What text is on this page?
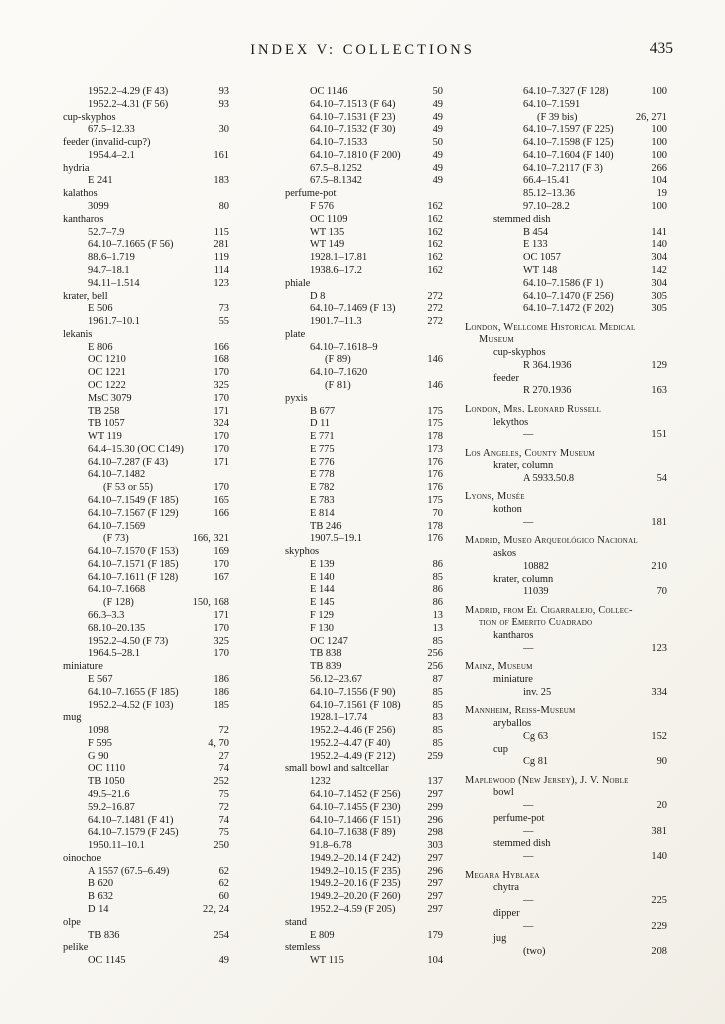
INDEX V: COLLECTIONS	435
1952.2–4.29 (F 43)	93
1952.2–4.31 (F 56)	93
cup-skyphos
67.5–12.33	30
feeder (invalid-cup?)
1954.4–2.1	161
hydria
E 241	183
kalathos
3099	80
kantharos
52.7–7.9	115
64.10–7.1665 (F 56)	281
88.6–1.719	119
94.7–18.1	114
94.11–1.514	123
krater, bell
E 506	73
1961.7–10.1	55
lekanis
E 806	166
OC 1210	168
OC 1221	170
OC 1222	325
MsC 3079	170
TB 258	171
TB 1057	324
WT 119	170
64.4–15.30 (OC C149)	170
64.10–7.287 (F 43)	171
64.10–7.1482
(F 53 or 55)	170
64.10–7.1549 (F 185)	165
64.10–7.1567 (F 129)	166
64.10–7.1569
(F 73)	166, 321
64.10–7.1570 (F 153)	169
64.10–7.1571 (F 185)	170
64.10–7.1611 (F 128)	167
64.10–7.1668
(F 128)	150, 168
66.3–3.3	171
68.10–20.135	170
1952.2–4.50 (F 73)	325
1964.5–28.1	170
miniature
E 567	186
64.10–7.1655 (F 185)	186
1952.2–4.52 (F 103)	185
mug
1098	72
F 595	4, 70
G 90	27
OC 1110	74
TB 1050	252
49.5–21.6	75
59.2–16.87	72
64.10–7.1481 (F 41)	74
64.10–7.1579 (F 245)	75
1950.11–10.1	250
oinochoe
A 1557 (67.5–6.49)	62
B 620	62
B 632	60
D 14	22, 24
olpe
TB 836	254
pelike
OC 1145	49
OC 1146	50
64.10–7.1513 (F 64)	49
64.10–7.1531 (F 23)	49
64.10–7.1532 (F 30)	49
64.10–7.1533	50
64.10–7.1810 (F 200)	49
67.5–8.1252	49
67.5–8.1342	49
perfume-pot
F 576	162
OC 1109	162
WT 135	162
WT 149	162
1928.1–17.81	162
1938.6–17.2	162
phiale
D 8	272
64.10–7.1469 (F 13)	272
1901.7–11.3	272
plate
64.10–7.1618–9
(F 89)	146
64.10–7.1620
(F 81)	146
pyxis
B 677	175
D 11	175
E 771	178
E 775	173
E 776	176
E 778	176
E 782	176
E 783	175
E 814	70
TB 246	178
1907.5–19.1	176
skyphos
E 139	86
E 140	85
E 144	86
E 145	86
F 129	13
F 130	13
OC 1247	85
TB 838	256
TB 839	256
56.12–23.67	87
64.10–7.1556 (F 90)	85
64.10–7.1561 (F 108)	85
1928.1–17.74	83
1952.2–4.46 (F 256)	85
1952.2–4.47 (F 40)	85
1952.2–4.49 (F 212)	259
small bowl and saltcellar
1232	137
64.10–7.1452 (F 256)	297
64.10–7.1455 (F 230)	299
64.10–7.1466 (F 151)	296
64.10–7.1638 (F 89)	298
91.8–6.78	303
1949.2–20.14 (F 242)	297
1949.2–10.15 (F 235)	296
1949.2–20.16 (F 235)	297
1949.2–20.20 (F 260)	297
1952.2–4.59 (F 205)	297
stand
E 809	179
stemless
WT 115	104
64.10–7.327 (F 128)	100
64.10–7.1591
(F 39 bis)	26, 271
64.10–7.1597 (F 225)	100
64.10–7.1598 (F 125)	100
64.10–7.1604 (F 140)	100
64.10–7.2117 (F 3)	266
66.4–15.41	104
85.12–13.36	19
97.10–28.2	100
stemmed dish
B 454	141
E 133	140
OC 1057	304
WT 148	142
64.10–7.1586 (F 1)	304
64.10–7.1470 (F 256)	305
64.10–7.1472 (F 202)	305
London, Wellcome Historical Medical
Museum
cup-skyphos
R 364.1936	129
feeder
R 270.1936	163
London, Mrs. Leonard Russell
lekythos
—	151
Los Angeles, County Museum
krater, column
A 5933.50.8	54
Lyons, Musée
kothon
—	181
Madrid, Museo Arqueológico Nacional
askos
10882	210
krater, column
11039	70
Madrid, from El Cigarralejo, Collec-
tion of Emerito Cuadrado
kantharos
—	123
Mainz, Museum
miniature
inv. 25	334
Mannheim, Reiss-Museum
aryballos
Cg 63	152
cup
Cg 81	90
Maplewood (New Jersey), J. V. Noble
bowl
—	20
perfume-pot
—	381
stemmed dish
—	140
Megara Hyblaea
chytra
—	225
dipper
—	229
jug
(two)	208
